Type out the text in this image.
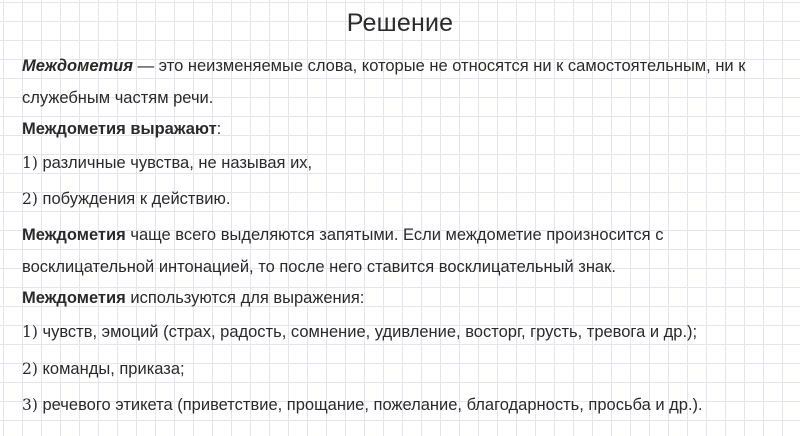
Решение
Междометия — это неизменяемые слова, которые не относятся ни к самостоятельным, ни к
служебным частям речи.
Междометия выражают:
1) различные чувства, не называя их,
2) побуждения к действию.
Междометия чаще всего выделяются запятыми. Если междометие произносится с
восклицательной интонацией, то после него ставится восклицательный знак.
Междометия используются для выражения:
1) чувств, эмоций (страх, радость, сомнение, удивление, восторг, грусть, тревога и др.);
2) команды, приказа;
3) речевого этикета (приветствие, прощание, пожелание, благодарность, просьба и др.).
